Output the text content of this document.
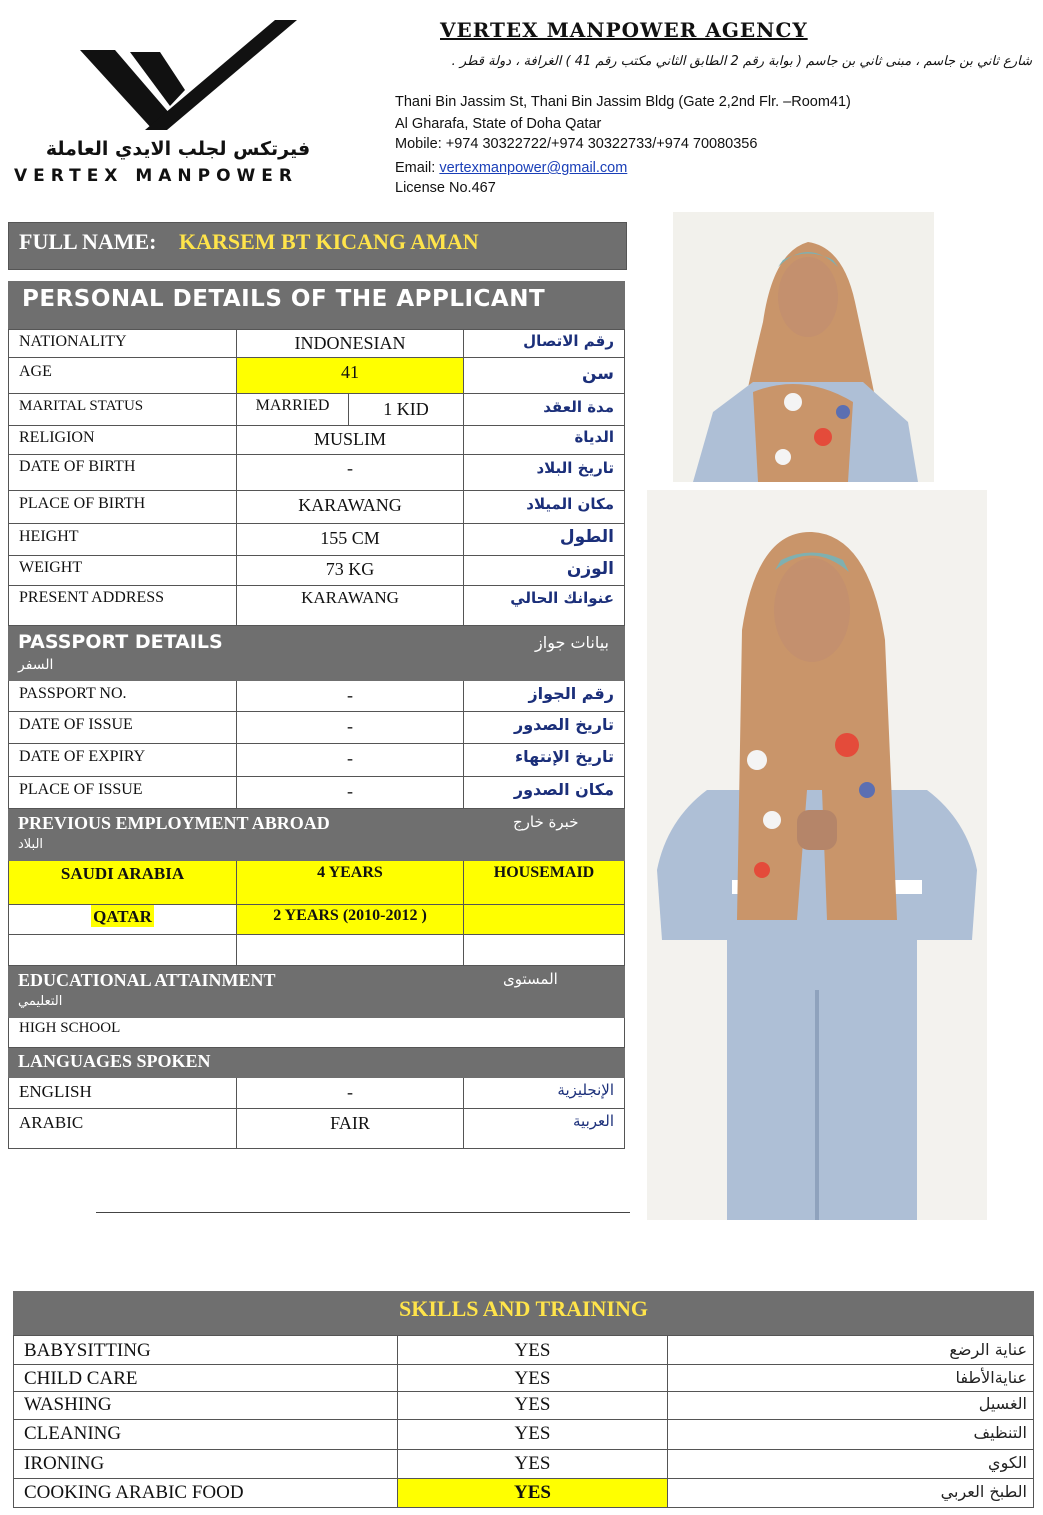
فيرتكس لجلب الايدي العاملة
VERTEX MANPOWER
VERTEX MANPOWER AGENCY
شارع ثاني بن جاسم ، مبنى ثاني بن جاسم ( بوابة رقم 2 الطابق الثاني مكتب رقم 41 ) الغرافة ، دولة قطر .
Thani Bin Jassim St, Thani Bin Jassim Bldg (Gate 2,2nd Flr. –Room41)
Al Gharafa, State of Doha Qatar
Mobile: +974 30322722/+974 30322733/+974 70080356
Email: vertexmanpower@gmail.com
License No.467
FULL NAME: KARSEM BT KICANG AMAN
PERSONAL DETAILS OF THE APPLICANT
NATIONALITY	INDONESIAN	رقم الاتصال
AGE	41	سن
MARITAL STATUS	MARRIED	1 KID	مدة العقد
RELIGION	MUSLIM	الدياة
DATE OF BIRTH	-	تاريخ البلاد
PLACE OF BIRTH	KARAWANG	مكان الميلاد
HEIGHT	155 CM	الطول
WEIGHT	73 KG	الوزن
PRESENT ADDRESS	KARAWANG	عنوانك الحالي
PASSPORT DETAILS	بيانات جواز
السفر
PASSPORT NO.	-	رقم الجواز
DATE OF ISSUE	-	تاريخ الصدور
DATE OF EXPIRY	-	تاريخ الإنتهاء
PLACE OF ISSUE	-	مكان الصدور
PREVIOUS EMPLOYMENT ABROAD	خبرة خارج
البلاد
SAUDI ARABIA	4 YEARS	HOUSEMAID
QATAR	2 YEARS (2010-2012 )
EDUCATIONAL ATTAINMENT	المستوى
التعليمي
HIGH SCHOOL
LANGUAGES SPOKEN
ENGLISH	-	الإنجليزية
ARABIC	FAIR	العربية
SKILLS AND TRAINING
BABYSITTING	YES	عناية الرضع
CHILD CARE	YES	عنايةالأطفا
WASHING	YES	الغسيل
CLEANING	YES	التنظيف
IRONING	YES	الكوي
COOKING ARABIC FOOD	YES	الطبخ العربي
